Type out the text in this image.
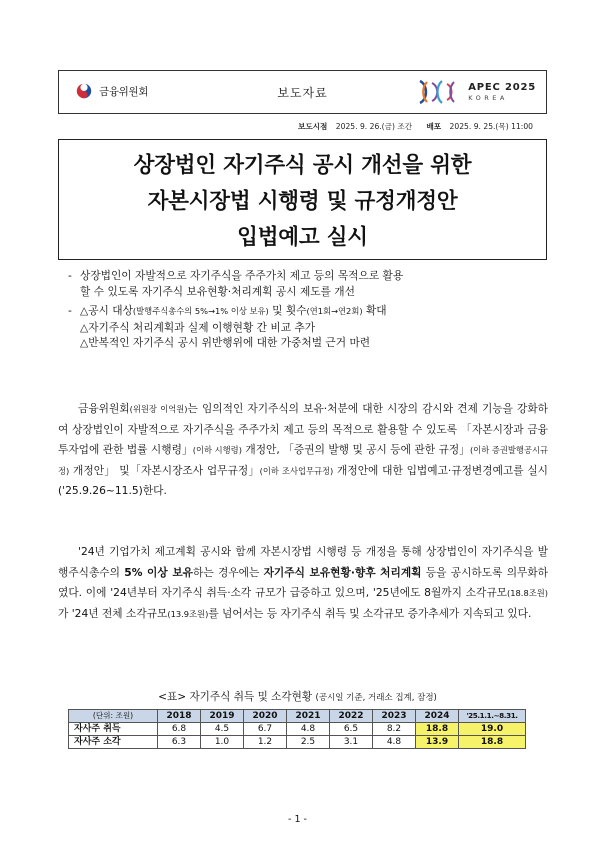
금융위원회	보도자료	APEC 2025
KOREA
보도시점 2025. 9. 26.(금) 조간 배포 2025. 9. 25.(목) 11:00
상장법인 자기주식 공시 개선을 위한
자본시장법 시행령 및 규정개정안
입법예고 실시
- 상장법인이 자발적으로 자기주식을 주주가치 제고 등의 목적으로 활용
할 수 있도록 자기주식 보유현황·처리계획 공시 제도를 개선
- △공시 대상(발행주식총수의 5%→1% 이상 보유) 및 횟수(연1회→연2회) 확대
△자기주식 처리계획과 실제 이행현황 간 비교 추가
△반복적인 자기주식 공시 위반행위에 대한 가중처벌 근거 마련
금융위원회(위원장 이억원)는 임의적인 자기주식의 보유·처분에 대한 시장의 감시와 견제 기능을 강화하여 상장법인이 자발적으로 자기주식을 주주가치 제고 등의 목적으로 활용할 수 있도록 「자본시장과 금융투자업에 관한 법률 시행령」(이하 시행령) 개정안, 「증권의 발행 및 공시 등에 관한 규정」(이하 증권발행공시규정) 개정안」 및「자본시장조사 업무규정」(이하 조사업무규정) 개정안에 대한 입법예고·규정변경예고를 실시('25.9.26~11.5)한다.
'24년 기업가치 제고계획 공시와 함께 자본시장법 시행령 등 개정을 통해 상장법인이 자기주식을 발행주식총수의 5% 이상 보유하는 경우에는 자기주식 보유현황·향후 처리계획 등을 공시하도록 의무화하였다. 이에 '24년부터 자기주식 취득·소각 규모가 급증하고 있으며, '25년에도 8월까지 소각규모(18.8조원)가 '24년 전체 소각규모(13.9조원)를 넘어서는 등 자기주식 취득 및 소각규모 증가추세가 지속되고 있다.
<표> 자기주식 취득 및 소각현황 (공시일 기준, 거래소 집계, 잠정)
(단위: 조원)	2018	2019	2020	2021	2022	2023	2024	'25.1.1.~8.31.
자사주 취득	6.8	4.5	6.7	4.8	6.5	8.2	18.8	19.0
자사주 소각	6.3	1.0	1.2	2.5	3.1	4.8	13.9	18.8
- 1 -
